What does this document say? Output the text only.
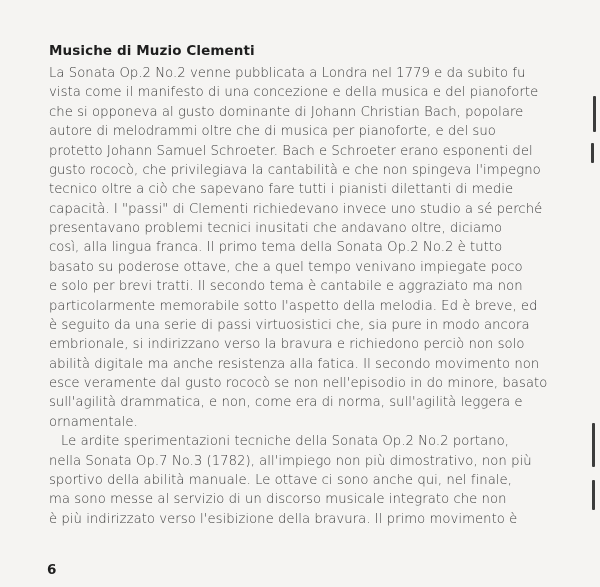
Musiche di Muzio Clementi
La Sonata Op.2 No.2 venne pubblicata a Londra nel 1779 e da subito fu
vista come il manifesto di una concezione e della musica e del pianoforte
che si opponeva al gusto dominante di Johann Christian Bach, popolare
autore di melodrammi oltre che di musica per pianoforte, e del suo
protetto Johann Samuel Schroeter. Bach e Schroeter erano esponenti del
gusto rococò, che privilegiava la cantabilità e che non spingeva l'impegno
tecnico oltre a ciò che sapevano fare tutti i pianisti dilettanti di medie
capacità. I "passi" di Clementi richiedevano invece uno studio a sé perché
presentavano problemi tecnici inusitati che andavano oltre, diciamo
così, alla lingua franca. Il primo tema della Sonata Op.2 No.2 è tutto
basato su poderose ottave, che a quel tempo venivano impiegate poco
e solo per brevi tratti. Il secondo tema è cantabile e aggraziato ma non
particolarmente memorabile sotto l'aspetto della melodia. Ed è breve, ed
è seguito da una serie di passi virtuosistici che, sia pure in modo ancora
embrionale, si indirizzano verso la bravura e richiedono perciò non solo
abilità digitale ma anche resistenza alla fatica. Il secondo movimento non
esce veramente dal gusto rococò se non nell'episodio in do minore, basato
sull'agilità drammatica, e non, come era di norma, sull'agilità leggera e
ornamentale.
Le ardite sperimentazioni tecniche della Sonata Op.2 No.2 portano,
nella Sonata Op.7 No.3 (1782), all'impiego non più dimostrativo, non più
sportivo della abilità manuale. Le ottave ci sono anche qui, nel finale,
ma sono messe al servizio di un discorso musicale integrato che non
è più indirizzato verso l'esibizione della bravura. Il primo movimento è
6
